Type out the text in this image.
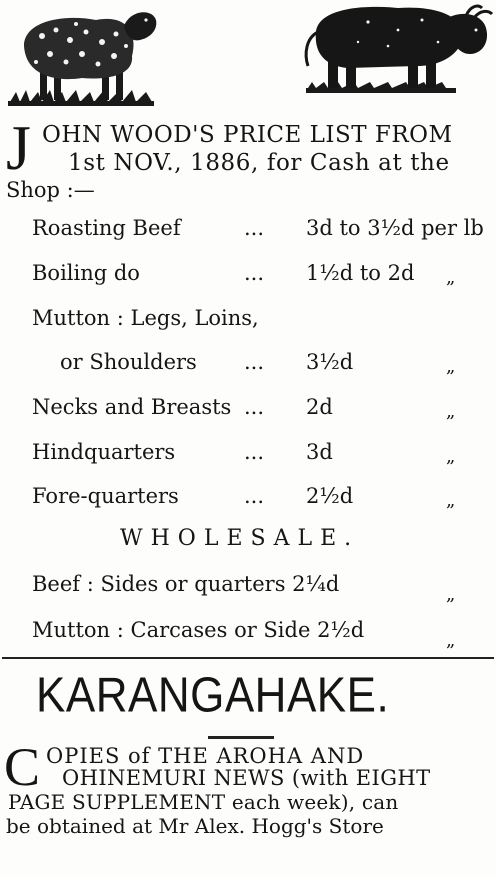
J OHN WOOD'S PRICE LIST FROM
1st NOV., 1886, for Cash at the
Shop :—
Roasting Beef	... 3d to 3½d per lb
Boiling do	... 1½d to 2d „
Mutton : Legs, Loins,
or Shoulders ... 3½d	„
Necks and Breasts ... 2d	„
Hindquarters	... 3d	„
Fore-quarters	... 2½d	„
WHOLESALE.
Beef : Sides or quarters 2¼d	„
Mutton : Carcases or Side 2½d	„
KARANGAHAKE.
C OPIES of THE AROHA AND
OHINEMURI NEWS (with EIGHT
PAGE SUPPLEMENT each week), can
be obtained at Mr Alex. Hogg's Store
